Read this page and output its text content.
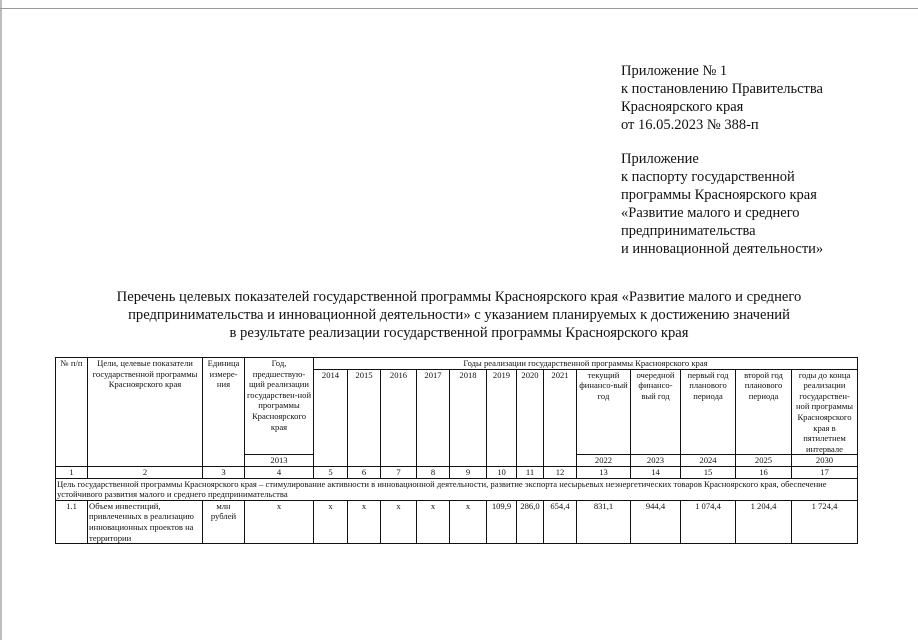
Приложение № 1
к постановлению Правительства
Красноярского края
от 16.05.2023 № 388-п
Приложение
к паспорту государственной
программы Красноярского края
«Развитие малого и среднего
предпринимательства
и инновационной деятельности»
Перечень целевых показателей государственной программы Красноярского края «Развитие малого и среднего
предпринимательства и инновационной деятельности» с указанием планируемых к достижению значений
в результате реализации государственной программы Красноярского края
№ п/п	Цели, целевые показатели государственной программы Красноярского края	Единица измере-ния	Год, предшествую-щий реализации государствен-ной программы Красноярского края	Годы реализации государственной программы Красноярского края												
				2014	2015	2016	2017	2018	2019	2020	2021	текущий финансо-вый год	очередной финансо-вый год	первый год планового периода	второй год планового периода	годы до конца реализации государствен-ной программы Красноярского края в пятилетнем интервале
			2013									2022	2023	2024	2025	2030
1	2	3	4	5	6	7	8	9	10	11	12	13	14	15	16	17
Цель государственной программы Красноярского края – стимулирование активности в инновационной деятельности, развитие экспорта несырьевых неэнергетических товаров Красноярского края, обеспечение устойчивого развития малого и среднего предпринимательства																
1.1	Объем инвестиций, привлеченных в реализацию инновационных проектов на территории	млн рублей	х	х	х	х	х	х	109,9	286,0	654,4	831,1	944,4	1 074,4	1 204,4	1 724,4
